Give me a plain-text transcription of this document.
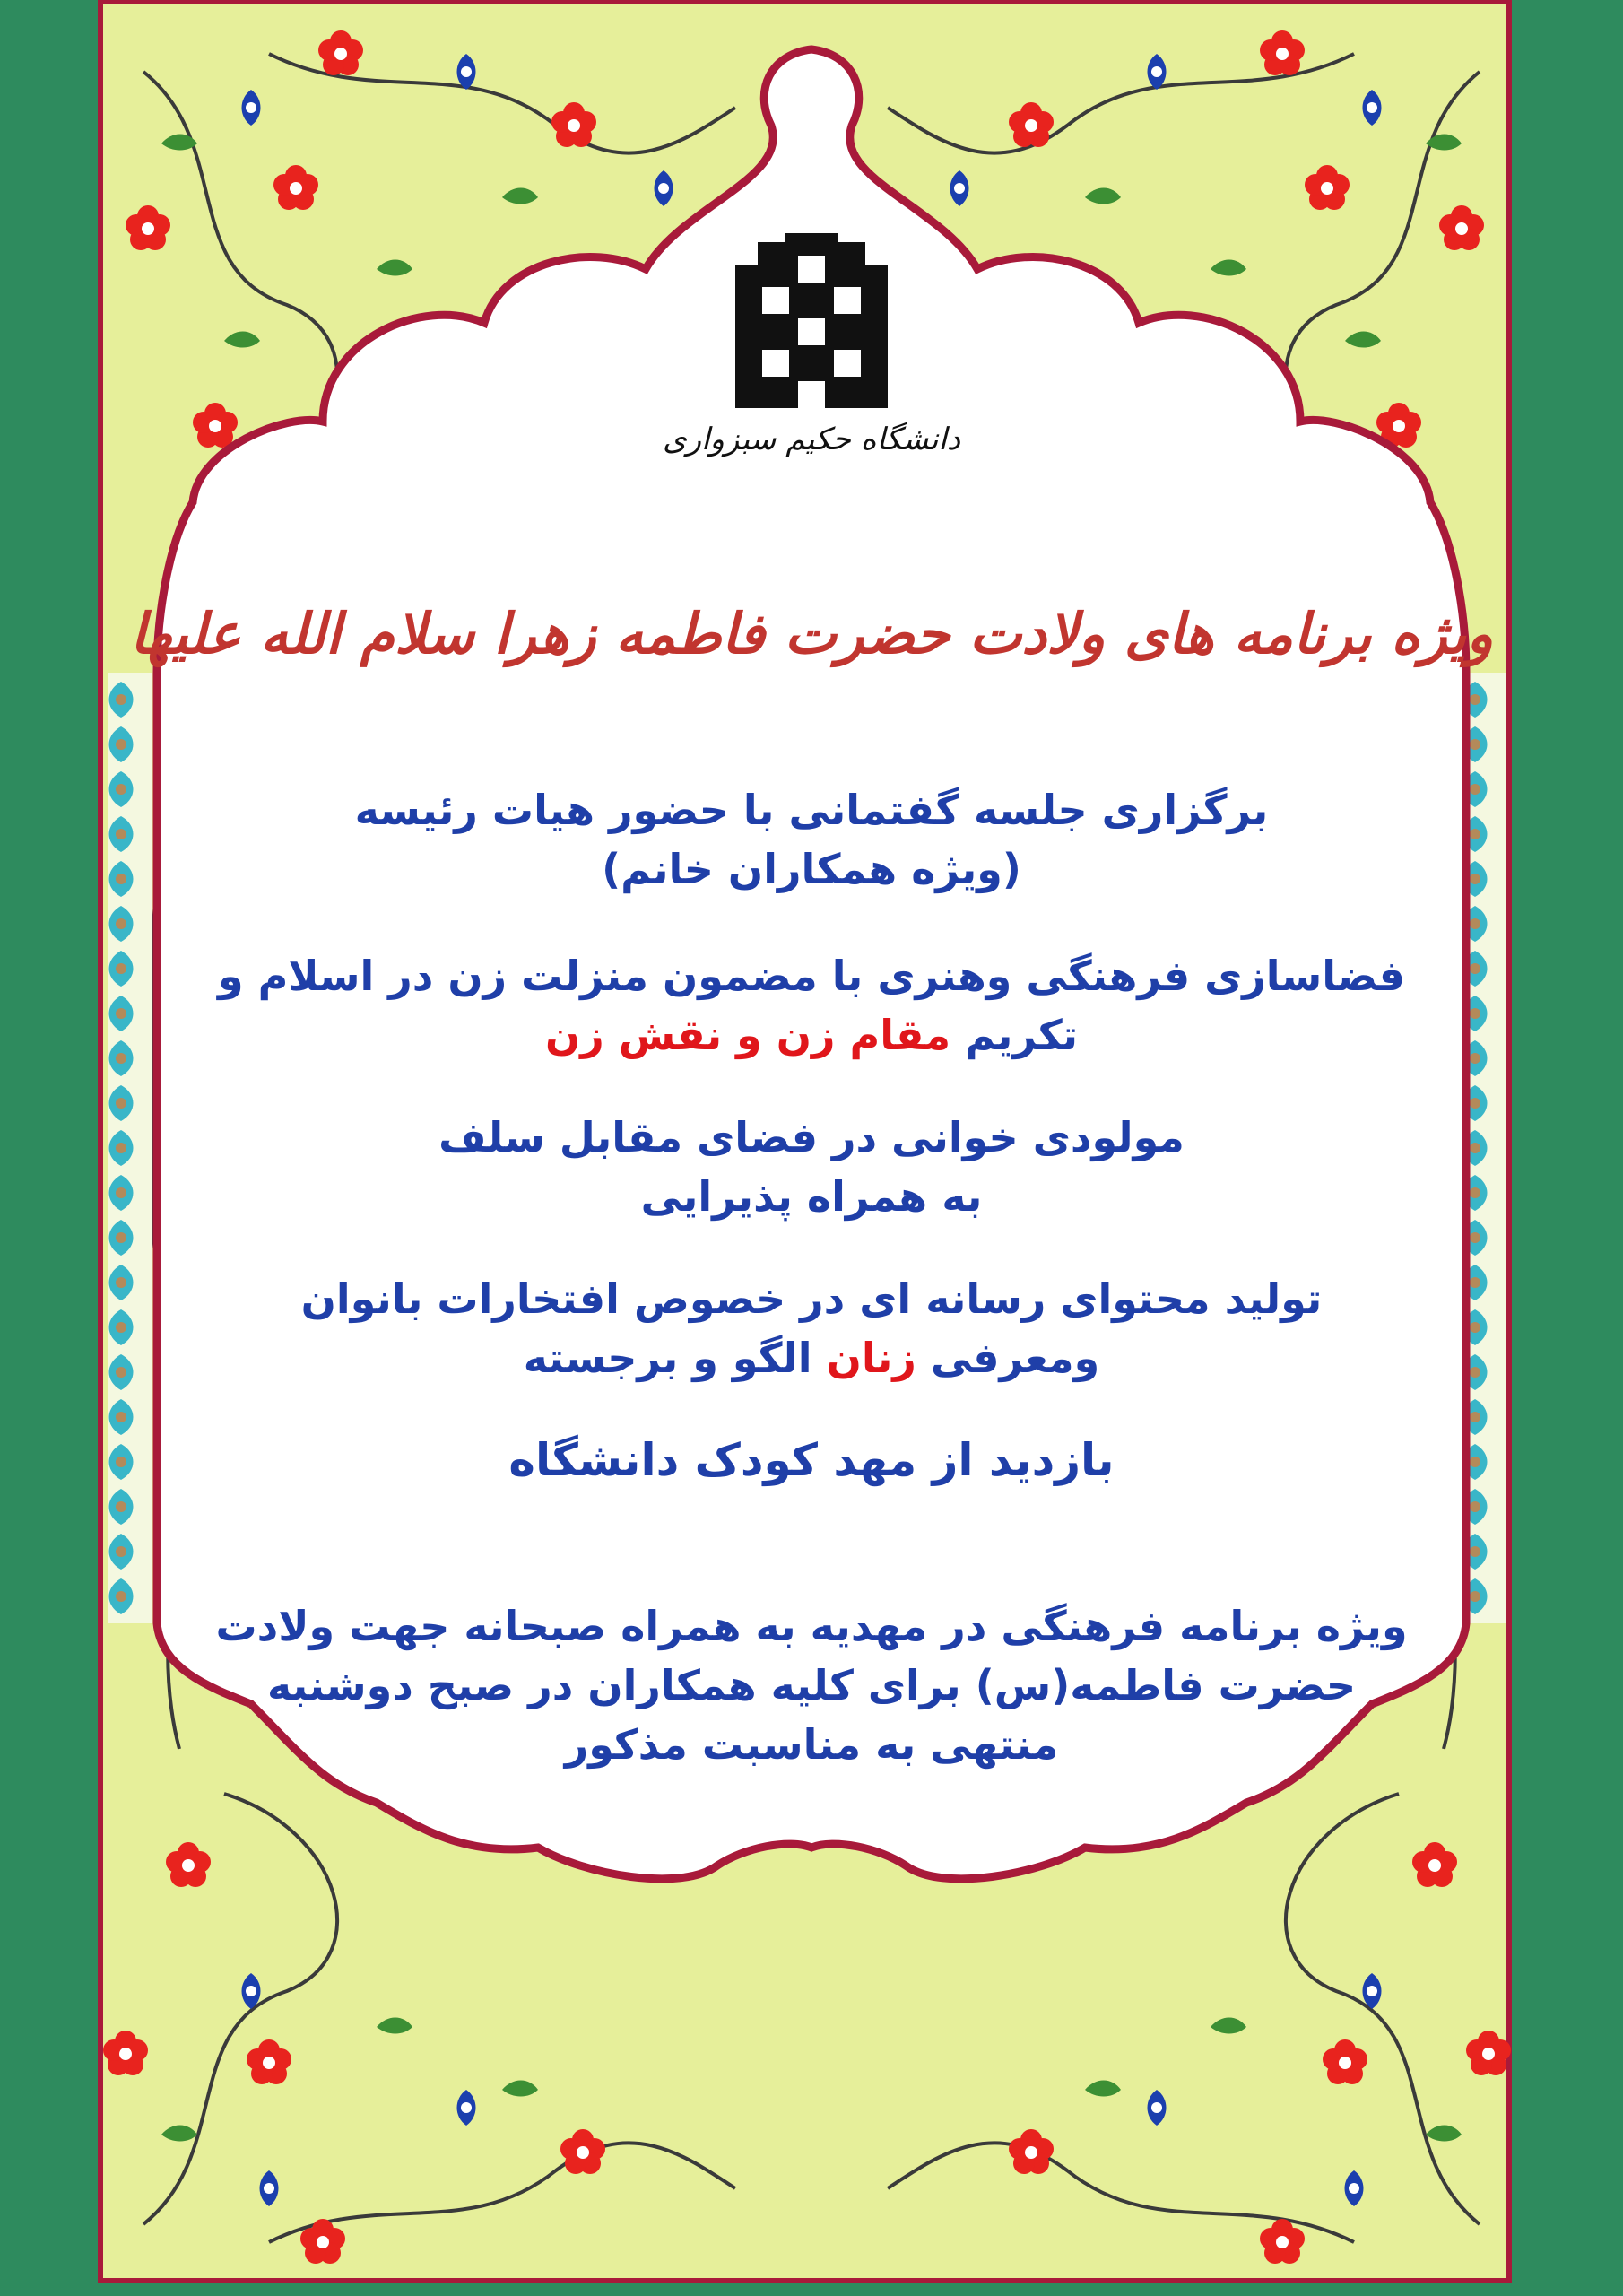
دانشگاه حکیم سبزواری
ویژه برنامه های ولادت حضرت فاطمه زهرا سلام الله علیها
برگزاری جلسه گفتمانی با حضور هیات رئیسه
(ویژه همکاران خانم)
فضاسازی فرهنگی وهنری با مضمون منزلت زن در اسلام و
تکریم مقام زن و نقش زن
مولودی خوانی در فضای مقابل سلف
به همراه پذیرایی
تولید محتوای رسانه ای در خصوص افتخارات بانوان
ومعرفی زنان الگو و برجسته
بازدید از مهد کودک دانشگاه
ویژه برنامه فرهنگی در مهدیه به همراه صبحانه جهت ولادت
حضرت فاطمه(س) برای کلیه همکاران در صبح دوشنبه
منتهی به مناسبت مذکور
